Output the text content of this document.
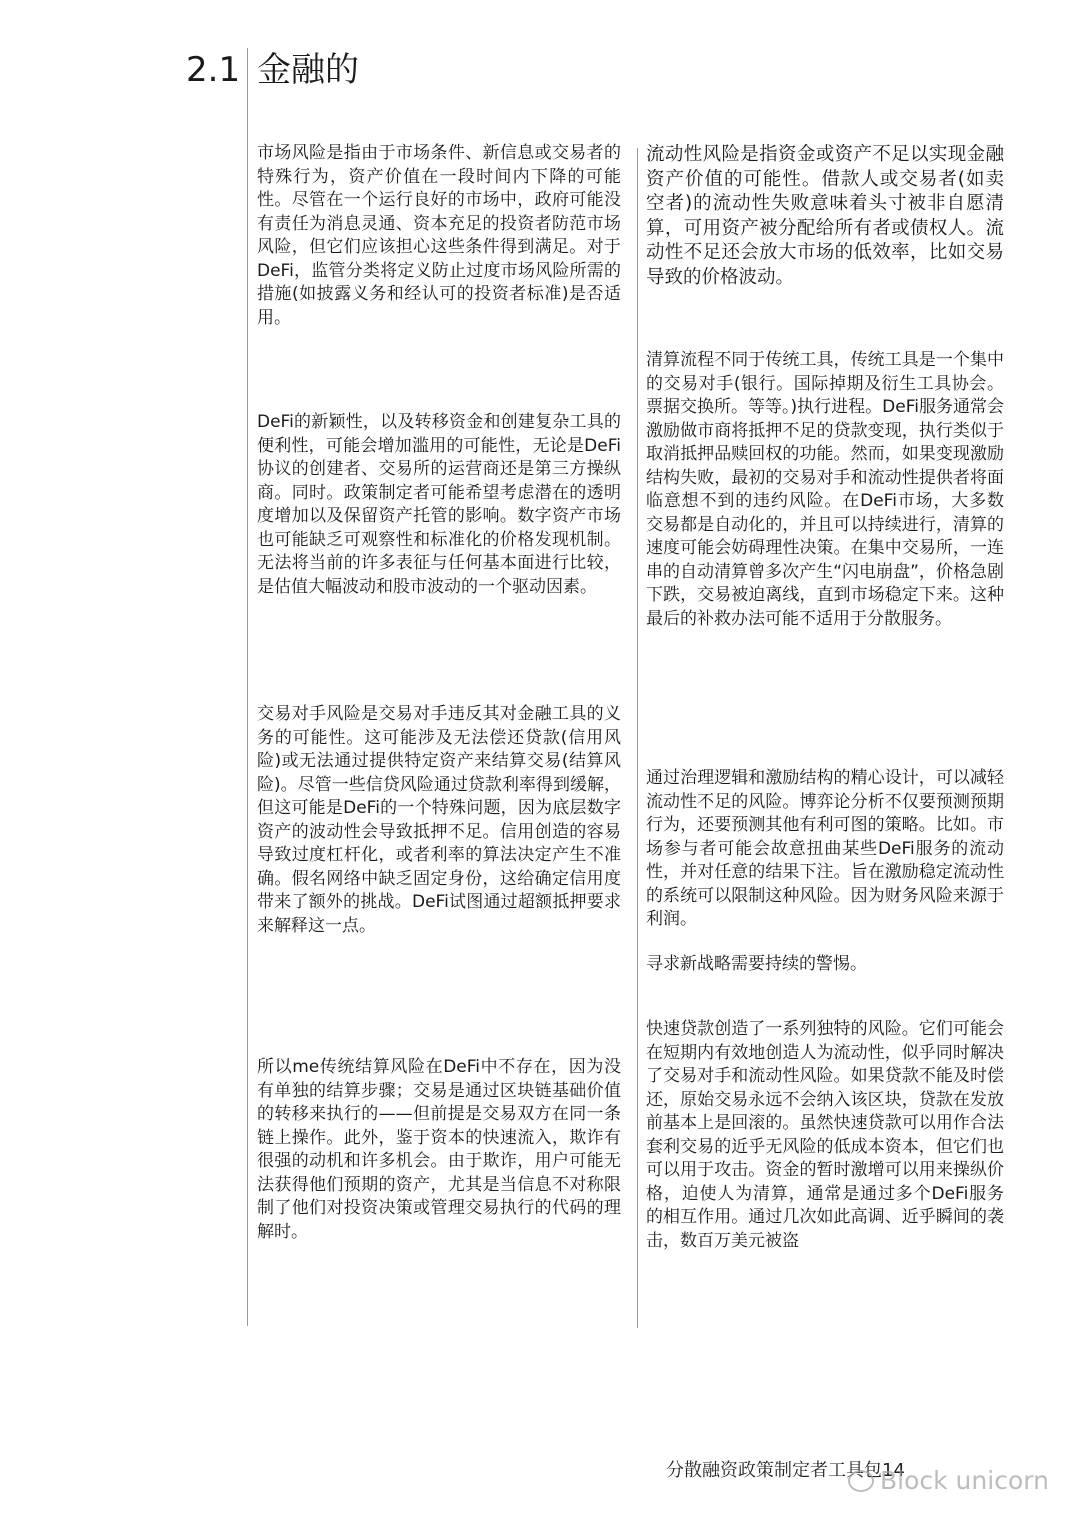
2.1 金融的

市场风险是指由于市场条件、新信息或交易者的特殊行为，资产价值在一段时间内下降的可能性。尽管在一个运行良好的市场中，政府可能没有责任为消息灵通、资本充足的投资者防范市场风险，但它们应该担心这些条件得到满足。对于DeFi，监管分类将定义防止过度市场风险所需的措施(如披露义务和经认可的投资者标准)是否适用。

DeFi的新颖性，以及转移资金和创建复杂工具的便利性，可能会增加滥用的可能性，无论是DeFi协议的创建者、交易所的运营商还是第三方操纵商。同时。政策制定者可能希望考虑潜在的透明度增加以及保留资产托管的影响。数字资产市场也可能缺乏可观察性和标准化的价格发现机制。无法将当前的许多表征与任何基本面进行比较，是估值大幅波动和股市波动的一个驱动因素。

交易对手风险是交易对手违反其对金融工具的义务的可能性。这可能涉及无法偿还贷款(信用风险)或无法通过提供特定资产来结算交易(结算风险)。尽管一些信贷风险通过贷款利率得到缓解，但这可能是DeFi的一个特殊问题，因为底层数字资产的波动性会导致抵押不足。信用创造的容易导致过度杠杆化，或者利率的算法决定产生不准确。假名网络中缺乏固定身份，这给确定信用度带来了额外的挑战。DeFi试图通过超额抵押要求来解释这一点。

所以me传统结算风险在DeFi中不存在，因为没有单独的结算步骤；交易是通过区块链基础价值的转移来执行的——但前提是交易双方在同一条链上操作。此外，鉴于资本的快速流入，欺诈有很强的动机和许多机会。由于欺诈，用户可能无法获得他们预期的资产，尤其是当信息不对称限制了他们对投资决策或管理交易执行的代码的理解时。

流动性风险是指资金或资产不足以实现金融资产价值的可能性。借款人或交易者(如卖空者)的流动性失败意味着头寸被非自愿清算，可用资产被分配给所有者或债权人。流动性不足还会放大市场的低效率，比如交易导致的价格波动。

清算流程不同于传统工具，传统工具是一个集中的交易对手(银行。国际掉期及衍生工具协会。票据交换所。等等。)执行进程。DeFi服务通常会激励做市商将抵押不足的贷款变现，执行类似于取消抵押品赎回权的功能。然而，如果变现激励结构失败，最初的交易对手和流动性提供者将面临意想不到的违约风险。在DeFi市场，大多数交易都是自动化的，并且可以持续进行，清算的速度可能会妨碍理性决策。在集中交易所，一连串的自动清算曾多次产生“闪电崩盘”，价格急剧下跌，交易被迫离线，直到市场稳定下来。这种最后的补救办法可能不适用于分散服务。

通过治理逻辑和激励结构的精心设计，可以减轻流动性不足的风险。博弈论分析不仅要预测预期行为，还要预测其他有利可图的策略。比如。市场参与者可能会故意扭曲某些DeFi服务的流动性，并对任意的结果下注。旨在激励稳定流动性的系统可以限制这种风险。因为财务风险来源于利润。

寻求新战略需要持续的警惕。

快速贷款创造了一系列独特的风险。它们可能会在短期内有效地创造人为流动性，似乎同时解决了交易对手和流动性风险。如果贷款不能及时偿还，原始交易永远不会纳入该区块，贷款在发放前基本上是回滚的。虽然快速贷款可以用作合法套利交易的近乎无风险的低成本资本，但它们也可以用于攻击。资金的暂时激增可以用来操纵价格，迫使人为清算，通常是通过多个DeFi服务的相互作用。通过几次如此高调、近乎瞬间的袭击，数百万美元被盗

分散融资政策制定者工具包14
Block unicorn
